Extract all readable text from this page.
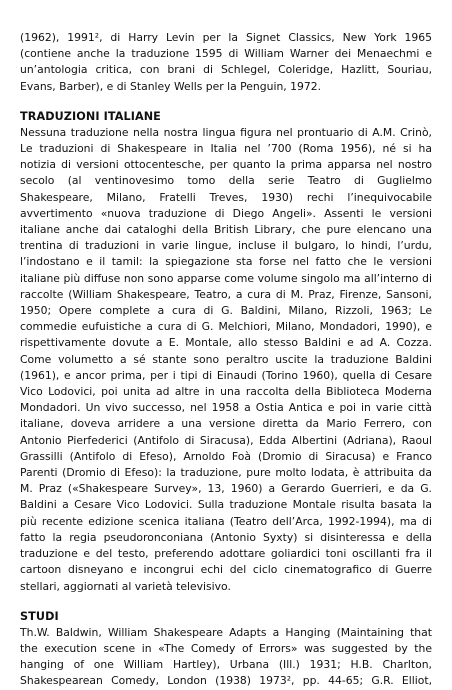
(1962), 1991², di Harry Levin per la Signet Classics, New York 1965
(contiene anche la traduzione 1595 di William Warner dei Menaechmi e
un’antologia critica, con brani di Schlegel, Coleridge, Hazlitt, Souriau,
Evans, Barber), e di Stanley Wells per la Penguin, 1972.

TRADUZIONI ITALIANE

Nessuna traduzione nella nostra lingua figura nel prontuario di A.M. Crinò,
Le traduzioni di Shakespeare in Italia nel ’700 (Roma 1956), né si ha
notizia di versioni ottocentesche, per quanto la prima apparsa nel nostro
secolo (al ventinovesimo tomo della serie Teatro di Guglielmo
Shakespeare, Milano, Fratelli Treves, 1930) rechi l’inequivocabile
avvertimento «nuova traduzione di Diego Angeli». Assenti le versioni
italiane anche dai cataloghi della British Library, che pure elencano una
trentina di traduzioni in varie lingue, incluse il bulgaro, lo hindi, l’urdu,
l’indostano e il tamil: la spiegazione sta forse nel fatto che le versioni
italiane più diffuse non sono apparse come volume singolo ma all’interno di
raccolte (William Shakespeare, Teatro, a cura di M. Praz, Firenze, Sansoni,
1950; Opere complete a cura di G. Baldini, Milano, Rizzoli, 1963; Le
commedie eufuistiche a cura di G. Melchiori, Milano, Mondadori, 1990), e
rispettivamente dovute a E. Montale, allo stesso Baldini e ad A. Cozza.
Come volumetto a sé stante sono peraltro uscite la traduzione Baldini
(1961), e ancor prima, per i tipi di Einaudi (Torino 1960), quella di Cesare
Vico Lodovici, poi unita ad altre in una raccolta della Biblioteca Moderna
Mondadori. Un vivo successo, nel 1958 a Ostia Antica e poi in varie città
italiane, doveva arridere a una versione diretta da Mario Ferrero, con
Antonio Pierfederici (Antifolo di Siracusa), Edda Albertini (Adriana), Raoul
Grassilli (Antifolo di Efeso), Arnoldo Foà (Dromio di Siracusa) e Franco
Parenti (Dromio di Efeso): la traduzione, pure molto lodata, è attribuita da
M. Praz («Shakespeare Survey», 13, 1960) a Gerardo Guerrieri, e da G.
Baldini a Cesare Vico Lodovici. Sulla traduzione Montale risulta basata la
più recente edizione scenica italiana (Teatro dell’Arca, 1992-1994), ma di
fatto la regia pseudoronconiana (Antonio Syxty) si disinteressa e della
traduzione e del testo, preferendo adottare goliardici toni oscillanti fra il
cartoon disneyano e incongrui echi del ciclo cinematografico di Guerre
stellari, aggiornati al varietà televisivo.

STUDI

Th.W. Baldwin, William Shakespeare Adapts a Hanging (Maintaining that
the execution scene in «The Comedy of Errors» was suggested by the
hanging of one William Hartley), Urbana (Ill.) 1931; H.B. Charlton,
Shakespearean Comedy, London (1938) 1973², pp. 44-65; G.R. Elliot,
